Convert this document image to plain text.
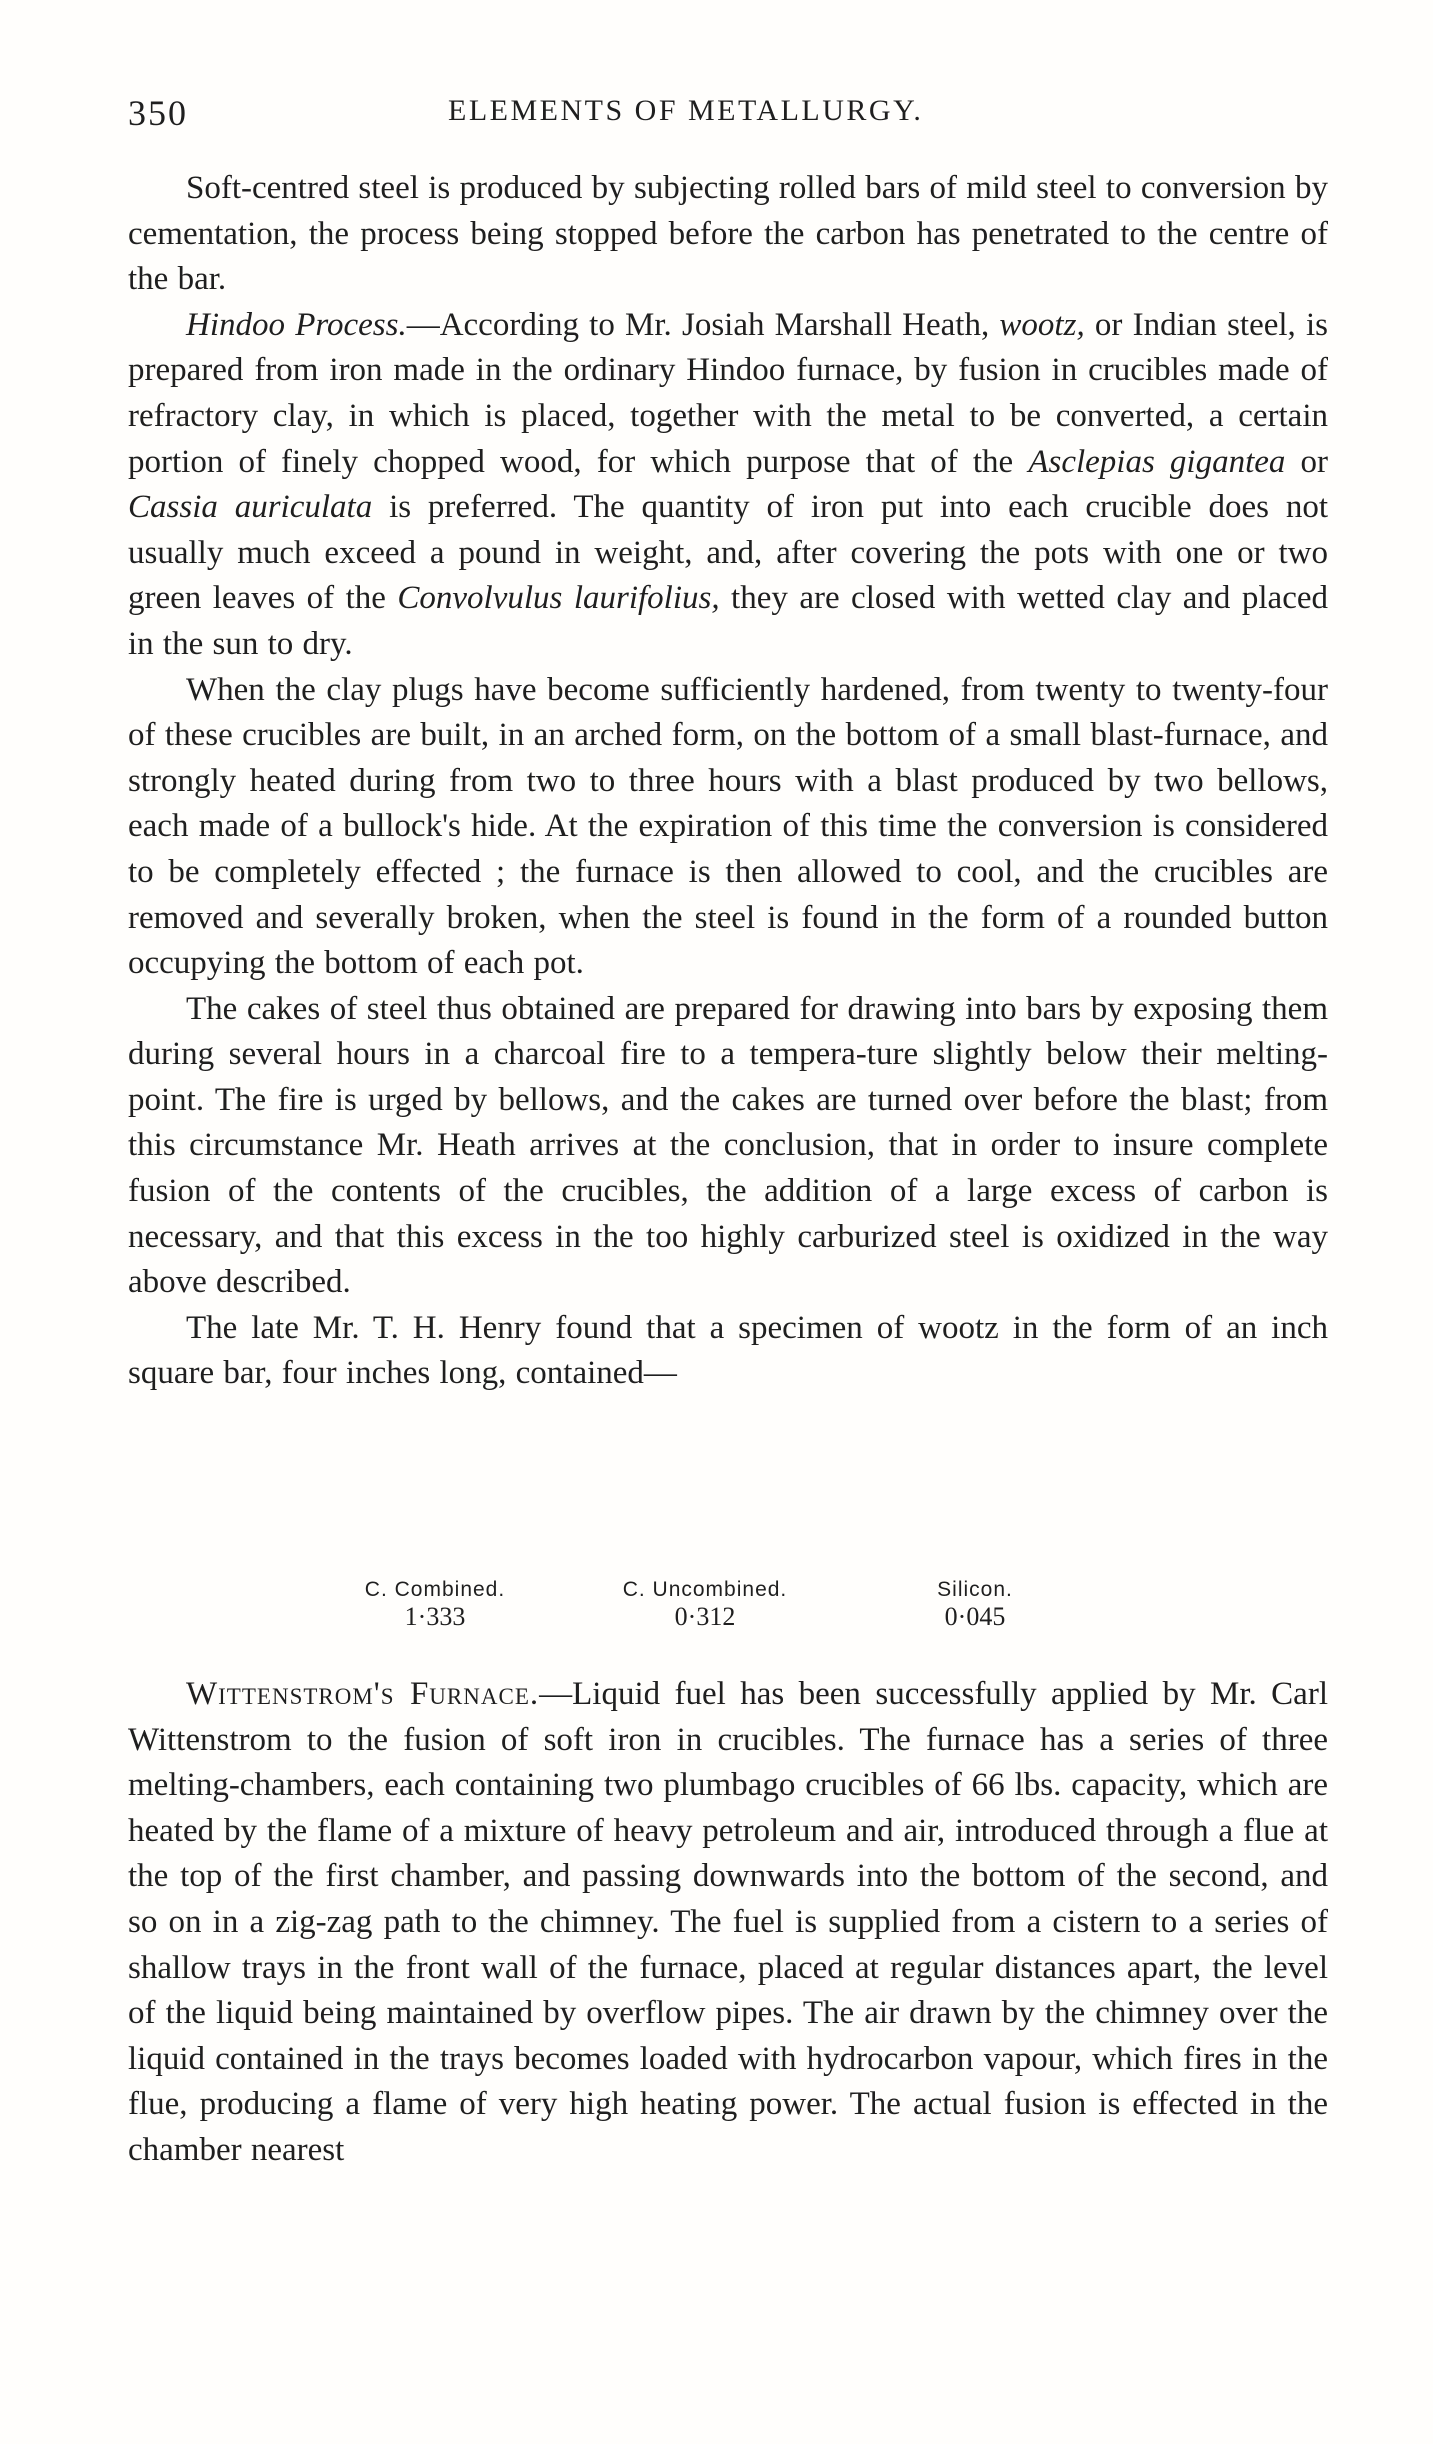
350	ELEMENTS OF METALLURGY.

Soft-centred steel is produced by subjecting rolled bars of mild steel to conversion by cementation, the process being stopped before the carbon has penetrated to the centre of the bar.

Hindoo Process.—According to Mr. Josiah Marshall Heath, wootz, or Indian steel, is prepared from iron made in the ordinary Hindoo furnace, by fusion in crucibles made of refractory clay, in which is placed, together with the metal to be converted, a certain portion of finely chopped wood, for which purpose that of the Asclepias gigantea or Cassia auriculata is preferred. The quantity of iron put into each crucible does not usually much exceed a pound in weight, and, after covering the pots with one or two green leaves of the Convolvulus laurifolius, they are closed with wetted clay and placed in the sun to dry.

When the clay plugs have become sufficiently hardened, from twenty to twenty-four of these crucibles are built, in an arched form, on the bottom of a small blast-furnace, and strongly heated during from two to three hours with a blast produced by two bellows, each made of a bullock's hide. At the expiration of this time the conversion is considered to be completely effected ; the furnace is then allowed to cool, and the crucibles are removed and severally broken, when the steel is found in the form of a rounded button occupying the bottom of each pot.

The cakes of steel thus obtained are prepared for drawing into bars by exposing them during several hours in a charcoal fire to a tempera-ture slightly below their melting-point. The fire is urged by bellows, and the cakes are turned over before the blast; from this circumstance Mr. Heath arrives at the conclusion, that in order to insure complete fusion of the contents of the crucibles, the addition of a large excess of carbon is necessary, and that this excess in the too highly carburized steel is oxidized in the way above described.

The late Mr. T. H. Henry found that a specimen of wootz in the form of an inch square bar, four inches long, contained—

C. Combined.
1·333
C. Uncombined.
0·312
Silicon.
0·045

Wittenstrom's Furnace.—Liquid fuel has been successfully applied by Mr. Carl Wittenstrom to the fusion of soft iron in crucibles. The furnace has a series of three melting-chambers, each containing two plumbago crucibles of 66 lbs. capacity, which are heated by the flame of a mixture of heavy petroleum and air, introduced through a flue at the top of the first chamber, and passing downwards into the bottom of the second, and so on in a zig-zag path to the chimney. The fuel is supplied from a cistern to a series of shallow trays in the front wall of the furnace, placed at regular distances apart, the level of the liquid being maintained by overflow pipes. The air drawn by the chimney over the liquid contained in the trays becomes loaded with hydrocarbon vapour, which fires in the flue, producing a flame of very high heating power. The actual fusion is effected in the chamber nearest
